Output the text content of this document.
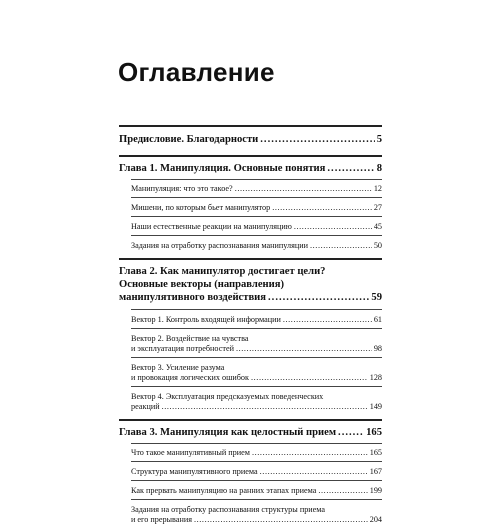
Оглавление
Предисловие. Благодарности .....	5
Глава 1. Манипуляция. Основные понятия .....	8
Манипуляция: что это такое? .....	12
Мишени, по которым бьет манипулятор .....	27
Наши естественные реакции на манипуляцию .....	45
Задания на отработку распознавания манипуляции .....	50
Глава 2. Как манипулятор достигает цели?
Основные векторы (направления)
манипулятивного воздействия .....	59
Вектор 1. Контроль входящей информации .....	61
Вектор 2. Воздействие на чувства
и эксплуатация потребностей .....	98
Вектор 3. Усиление разума
и провокация логических ошибок .....	128
Вектор 4. Эксплуатация предсказуемых поведенческих
реакций .....	149
Глава 3. Манипуляция как целостный прием .....	165
Что такое манипулятивный прием .....	165
Структура манипулятивного приема .....	167
Как прервать манипуляцию на ранних этапах приема .....	199
Задания на отработку распознавания структуры приема
и его прерывания .....	204
